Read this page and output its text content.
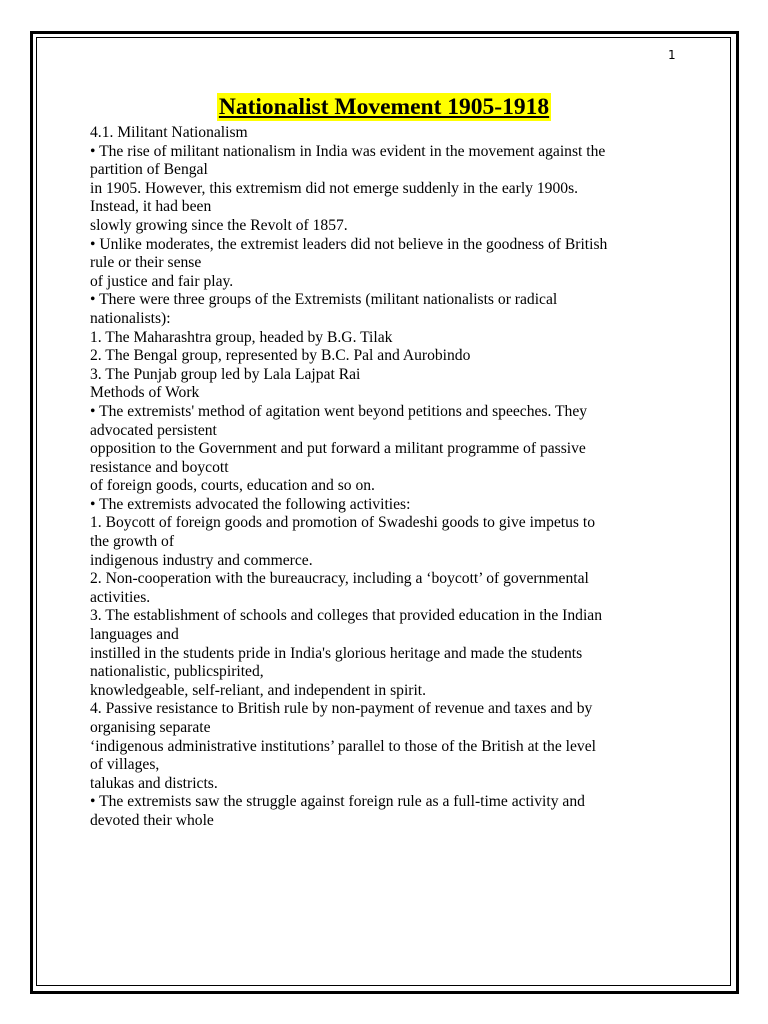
1
Nationalist Movement 1905-1918
4.1. Militant Nationalism
• The rise of militant nationalism in India was evident in the movement against the
partition of Bengal
in 1905. However, this extremism did not emerge suddenly in the early 1900s.
Instead, it had been
slowly growing since the Revolt of 1857.
• Unlike moderates, the extremist leaders did not believe in the goodness of British
rule or their sense
of justice and fair play.
• There were three groups of the Extremists (militant nationalists or radical
nationalists):
1. The Maharashtra group, headed by B.G. Tilak
2. The Bengal group, represented by B.C. Pal and Aurobindo
3. The Punjab group led by Lala Lajpat Rai
Methods of Work
• The extremists' method of agitation went beyond petitions and speeches. They
advocated persistent
opposition to the Government and put forward a militant programme of passive
resistance and boycott
of foreign goods, courts, education and so on.
• The extremists advocated the following activities:
1. Boycott of foreign goods and promotion of Swadeshi goods to give impetus to
the growth of
indigenous industry and commerce.
2. Non-cooperation with the bureaucracy, including a ‘boycott’ of governmental
activities.
3. The establishment of schools and colleges that provided education in the Indian
languages and
instilled in the students pride in India's glorious heritage and made the students
nationalistic, publicspirited,
knowledgeable, self-reliant, and independent in spirit.
4. Passive resistance to British rule by non-payment of revenue and taxes and by
organising separate
‘indigenous administrative institutions’ parallel to those of the British at the level
of villages,
talukas and districts.
• The extremists saw the struggle against foreign rule as a full-time activity and
devoted their whole
